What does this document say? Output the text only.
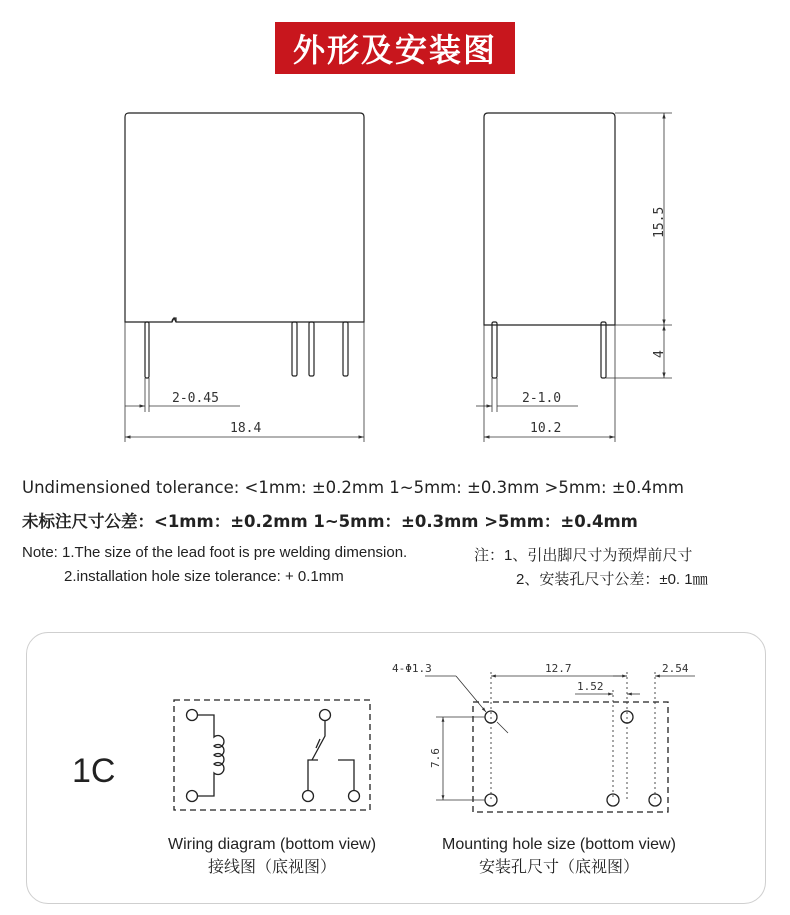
外形及安装图
2-0.45
18.4
15.5
4
2-1.0
10.2
Undimensioned tolerance: <1mm: ±0.2mm 1~5mm: ±0.3mm >5mm: ±0.4mm
未标注尺寸公差：<1mm：±0.2mm 1~5mm：±0.3mm >5mm：±0.4mm
Note: 1.The size of the lead foot is pre welding dimension.
2.installation hole size tolerance: + 0.1mm
注：1、引出脚尺寸为预焊前尺寸
2、安装孔尺寸公差：±0. 1㎜
1C
4-Φ1.3	12.7	2.54
1.52
7.6
Wiring diagram (bottom view)
接线图（底视图）
Mounting hole size (bottom view)
安装孔尺寸（底视图）
